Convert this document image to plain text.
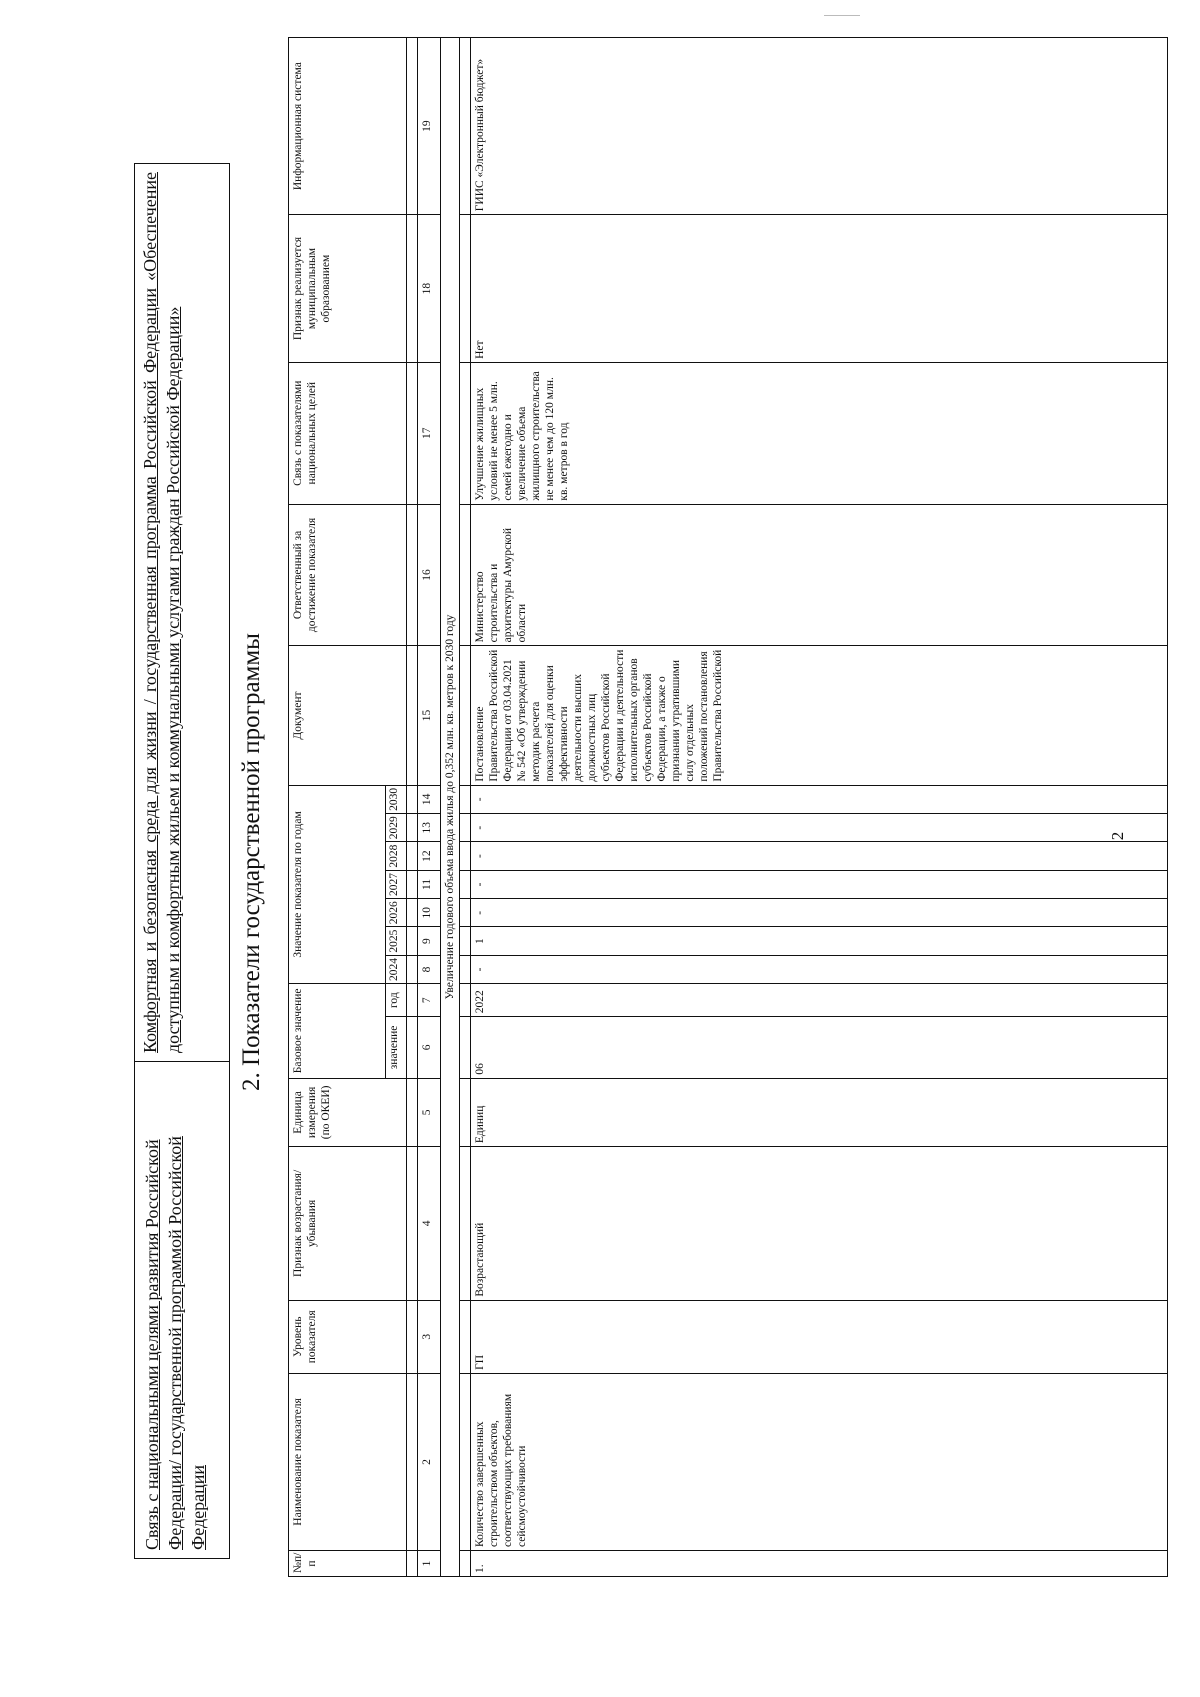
2
Связь с национальными целями развития Российской Федерации/ государственной программой Российской Федерации
Комфортная и безопасная среда для жизни / государственная программа Российской Федерации «Обеспечение доступным и комфортным жильем и коммунальными услугами граждан Российской Федерации»	2. Показатели государственной программы
№п/п	Наименование показателя	Уровень показателя	Признак возрастания/убывания	Единица измерения (по ОКЕИ)	Базовое значение		Значение показателя по годам							Документ	Ответственный за достижение показателя	Связь с показателями национальных целей	Признак реализуется муниципальным образованием	Информационная система
					значение	год	2024	2025	2026	2027	2028	2029	2030					

1	2	3	4	5	6	7	8	9	10	11	12	13	14	15	16	17	18	19
Увеличение годового объема ввода жилья до 0,352 млн. кв. метров к 2030 году																		

1.	Количество завершенных строительством объектов, соответствующих требованиям сейсмоустойчивости	ГП	Возрастающий	Единиц	06	2022	-	1	-	-	-	-	-	Постановление Правительства Российской Федерации от 03.04.2021 № 542 «Об утверждении методик расчета показателей для оценки эффективности деятельности высших должностных лиц субъектов Российской Федерации и деятельности исполнительных органов субъектов Российской Федерации, а также о признании утратившими силу отдельных положений постановления Правительства Российской	Министерство строительства и архитектуры Амурской области	Улучшение жилищных условий не менее 5 млн. семей ежегодно и увеличение объема жилищного строительства не менее чем до 120 млн. кв. метров в год	Нет	ГИИС «Электронный бюджет»
